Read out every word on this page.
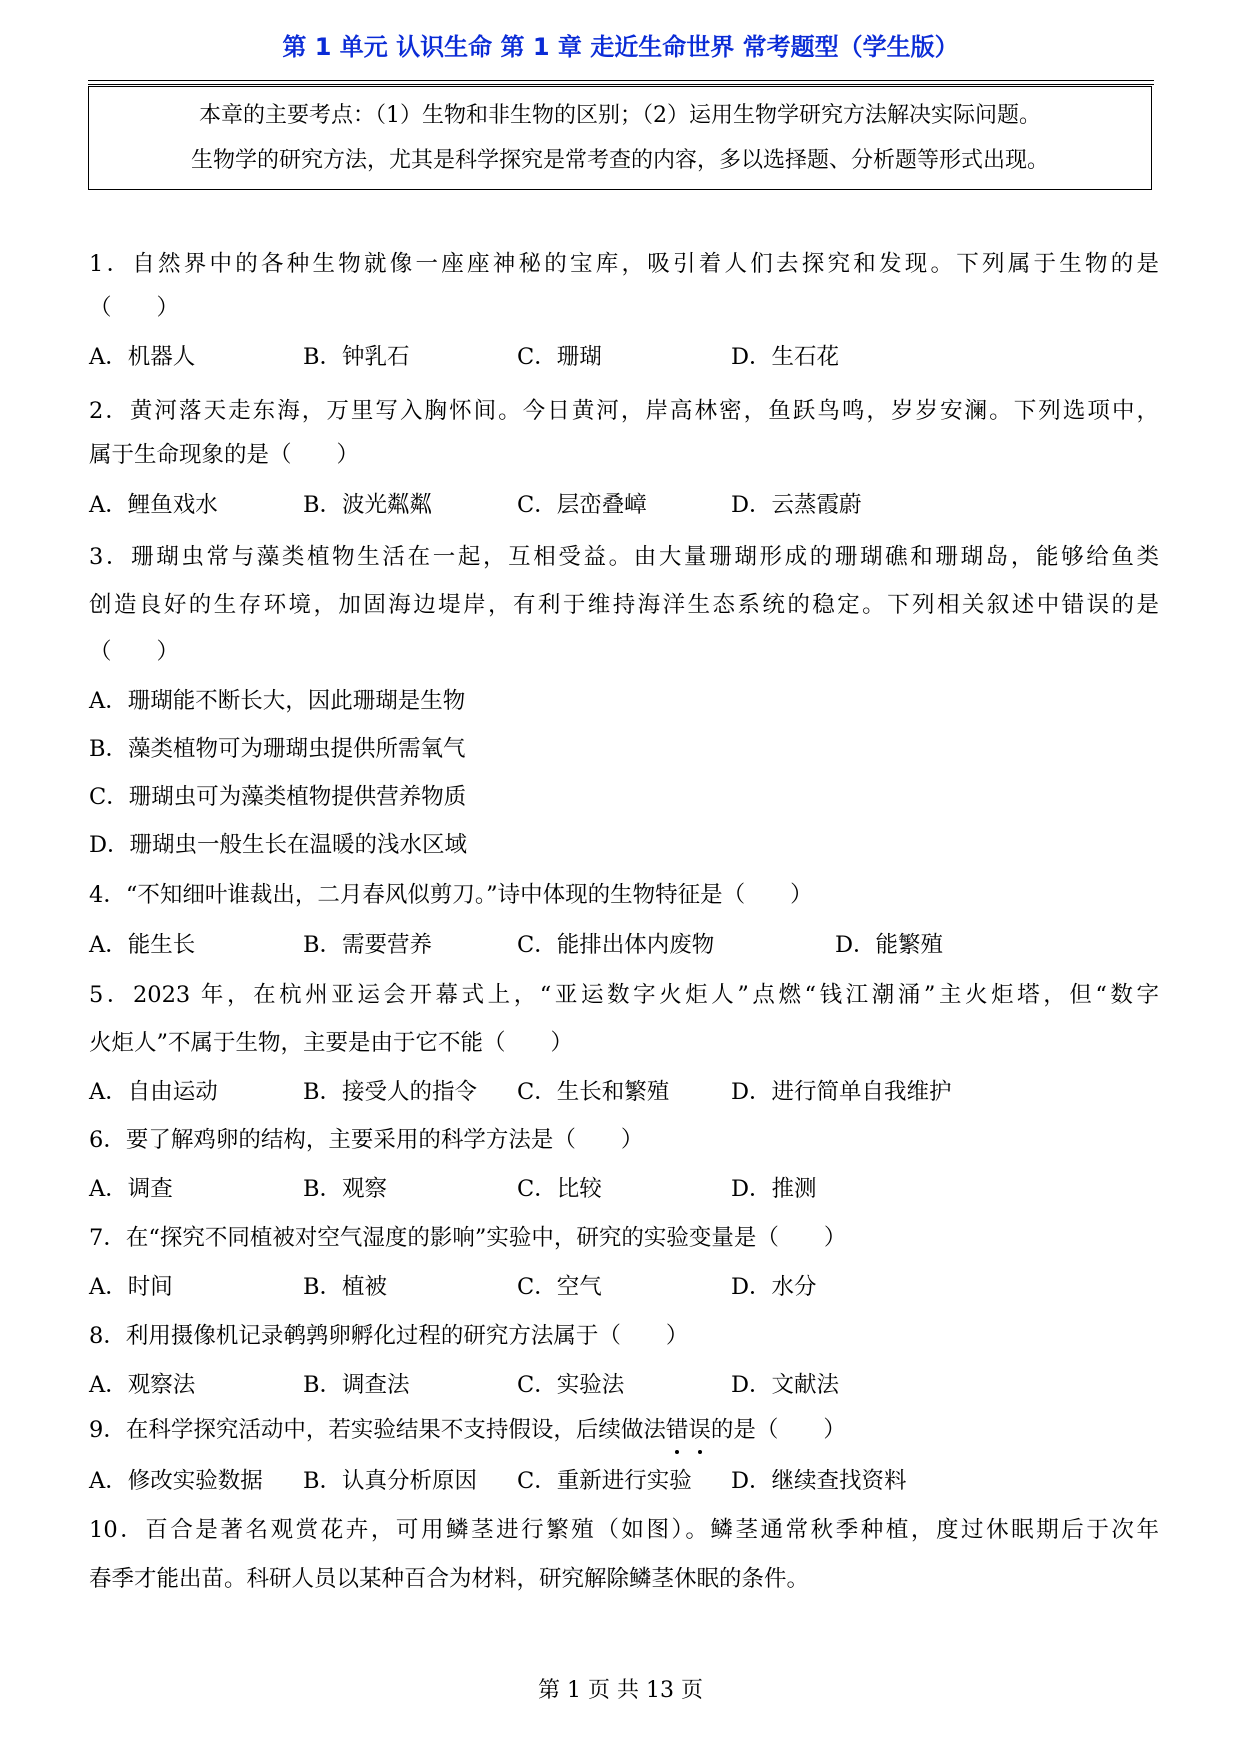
第 1 单元 认识生命 第 1 章 走近生命世界 常考题型（学生版）
本章的主要考点：（1）生物和非生物的区别；（2）运用生物学研究方法解决实际问题。
生物学的研究方法，尤其是科学探究是常考查的内容，多以选择题、分析题等形式出现。
1．自然界中的各种生物就像一座座神秘的宝库，吸引着人们去探究和发现。下列属于生物的是
（　　）
A．机器人	B．钟乳石	C．珊瑚	D．生石花
2．黄河落天走东海，万里写入胸怀间。今日黄河，岸高林密，鱼跃鸟鸣，岁岁安澜。下列选项中，
属于生命现象的是（　　）
A．鲤鱼戏水	B．波光粼粼	C．层峦叠嶂	D．云蒸霞蔚
3．珊瑚虫常与藻类植物生活在一起，互相受益。由大量珊瑚形成的珊瑚礁和珊瑚岛，能够给鱼类
创造良好的生存环境，加固海边堤岸，有利于维持海洋生态系统的稳定。下列相关叙述中错误的是
（　　）
A．珊瑚能不断长大，因此珊瑚是生物
B．藻类植物可为珊瑚虫提供所需氧气
C．珊瑚虫可为藻类植物提供营养物质
D．珊瑚虫一般生长在温暖的浅水区域
4．“不知细叶谁裁出，二月春风似剪刀。”诗中体现的生物特征是（　　）
A．能生长	B．需要营养	C．能排出体内废物	D．能繁殖
5．2023 年，在杭州亚运会开幕式上，“亚运数字火炬人”点燃“钱江潮涌”主火炬塔，但“数字
火炬人”不属于生物，主要是由于它不能（　　）
A．自由运动	B．接受人的指令 C．生长和繁殖	D．进行简单自我维护
6．要了解鸡卵的结构，主要采用的科学方法是（　　）
A．调查	B．观察	C．比较	D．推测
7．在“探究不同植被对空气湿度的影响”实验中，研究的实验变量是（　　）
A．时间	B．植被	C．空气	D．水分
8．利用摄像机记录鹌鹑卵孵化过程的研究方法属于（　　）
A．观察法	B．调查法	C．实验法	D．文献法
9．在科学探究活动中，若实验结果不支持假设，后续做法错误的是（　　）
A．修改实验数据 B．认真分析原因 C．重新进行实验 D．继续查找资料
10．百合是著名观赏花卉，可用鳞茎进行繁殖（如图）。鳞茎通常秋季种植，度过休眠期后于次年
春季才能出苗。科研人员以某种百合为材料，研究解除鳞茎休眠的条件。
第 1 页 共 13 页
